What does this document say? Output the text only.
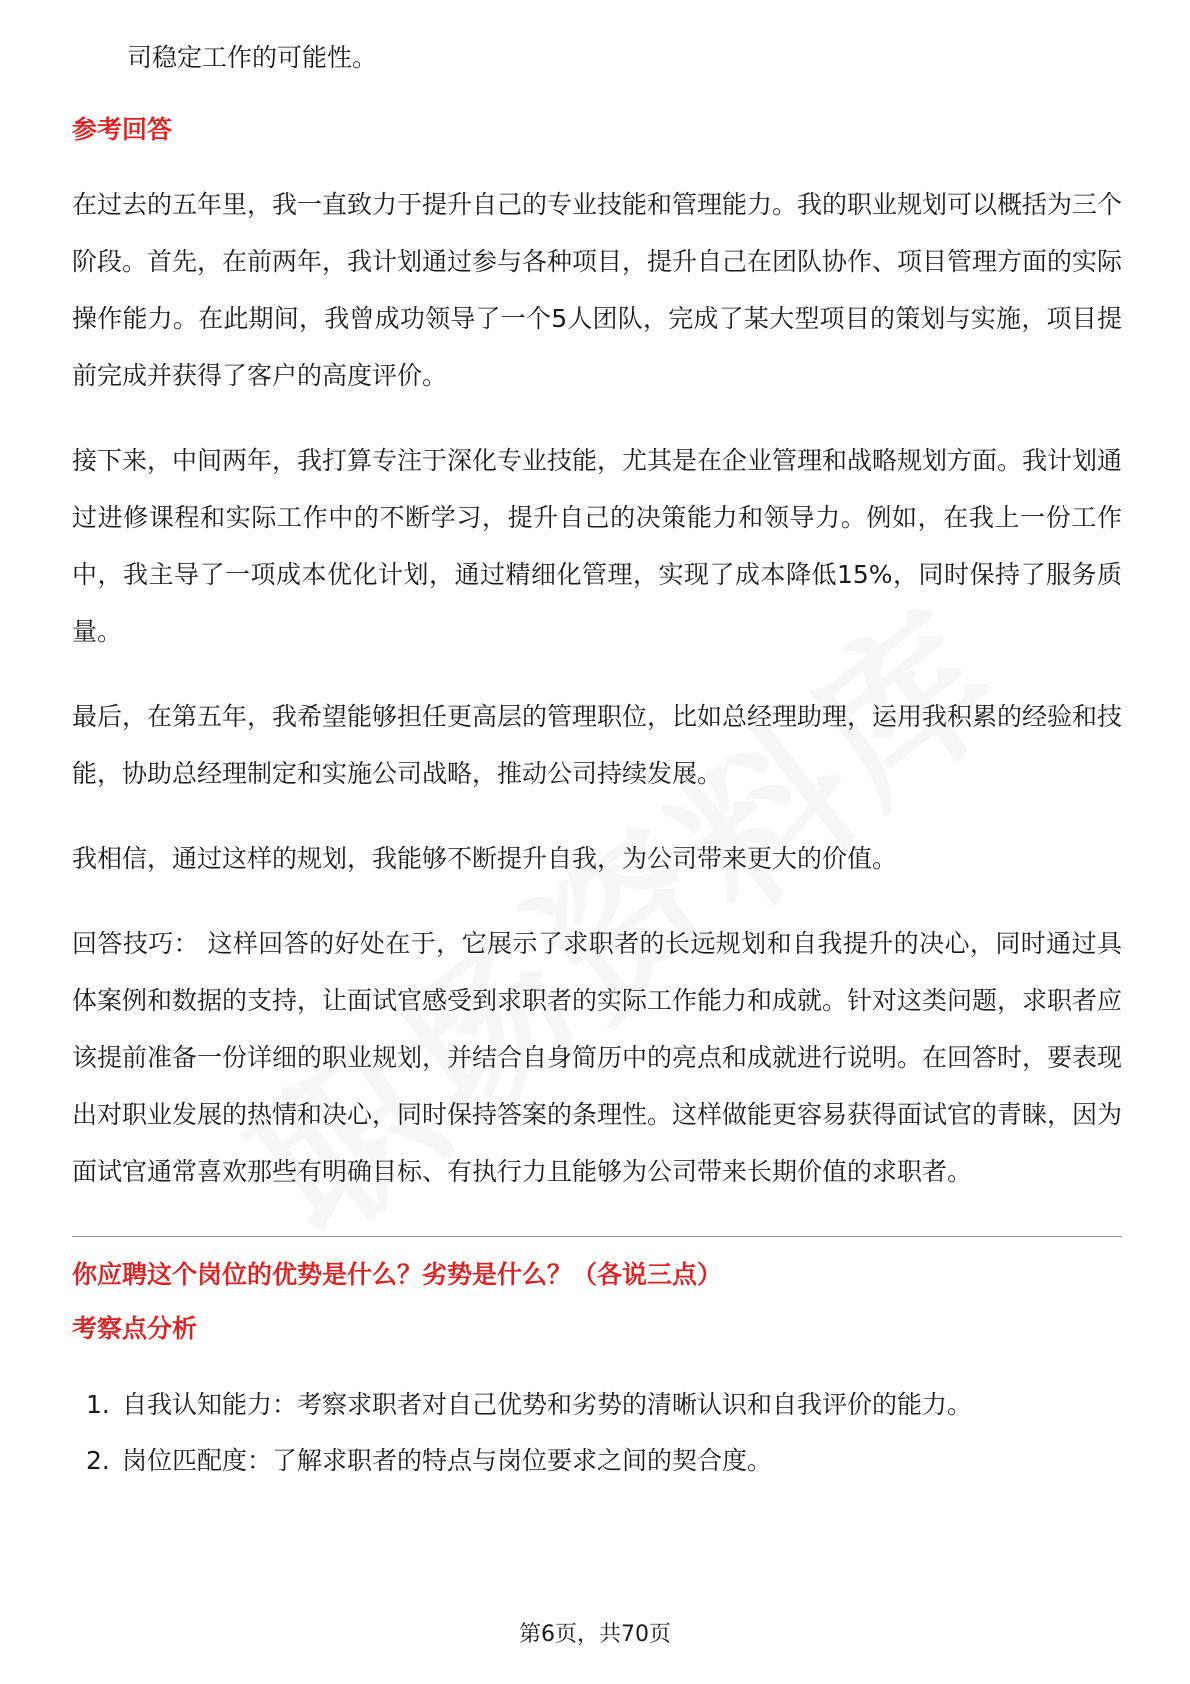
司稳定工作的可能性。

参考回答

在过去的五年里，我一直致力于提升自己的专业技能和管理能力。我的职业规划可以概括为三个阶段。首先，在前两年，我计划通过参与各种项目，提升自己在团队协作、项目管理方面的实际操作能力。在此期间，我曾成功领导了一个5人团队，完成了某大型项目的策划与实施，项目提前完成并获得了客户的高度评价。

接下来，中间两年，我打算专注于深化专业技能，尤其是在企业管理和战略规划方面。我计划通过进修课程和实际工作中的不断学习，提升自己的决策能力和领导力。例如，在我上一份工作中，我主导了一项成本优化计划，通过精细化管理，实现了成本降低15%，同时保持了服务质量。

最后，在第五年，我希望能够担任更高层的管理职位，比如总经理助理，运用我积累的经验和技能，协助总经理制定和实施公司战略，推动公司持续发展。

我相信，通过这样的规划，我能够不断提升自我，为公司带来更大的价值。

回答技巧： 这样回答的好处在于，它展示了求职者的长远规划和自我提升的决心，同时通过具体案例和数据的支持，让面试官感受到求职者的实际工作能力和成就。针对这类问题，求职者应该提前准备一份详细的职业规划，并结合自身简历中的亮点和成就进行说明。在回答时，要表现出对职业发展的热情和决心，同时保持答案的条理性。这样做能更容易获得面试官的青睐，因为面试官通常喜欢那些有明确目标、有执行力且能够为公司带来长期价值的求职者。

你应聘这个岗位的优势是什么？劣势是什么？（各说三点）
考察点分析
1. 自我认知能力：考察求职者对自己优势和劣势的清晰认识和自我评价的能力。
2. 岗位匹配度：了解求职者的特点与岗位要求之间的契合度。
第6页，共70页
